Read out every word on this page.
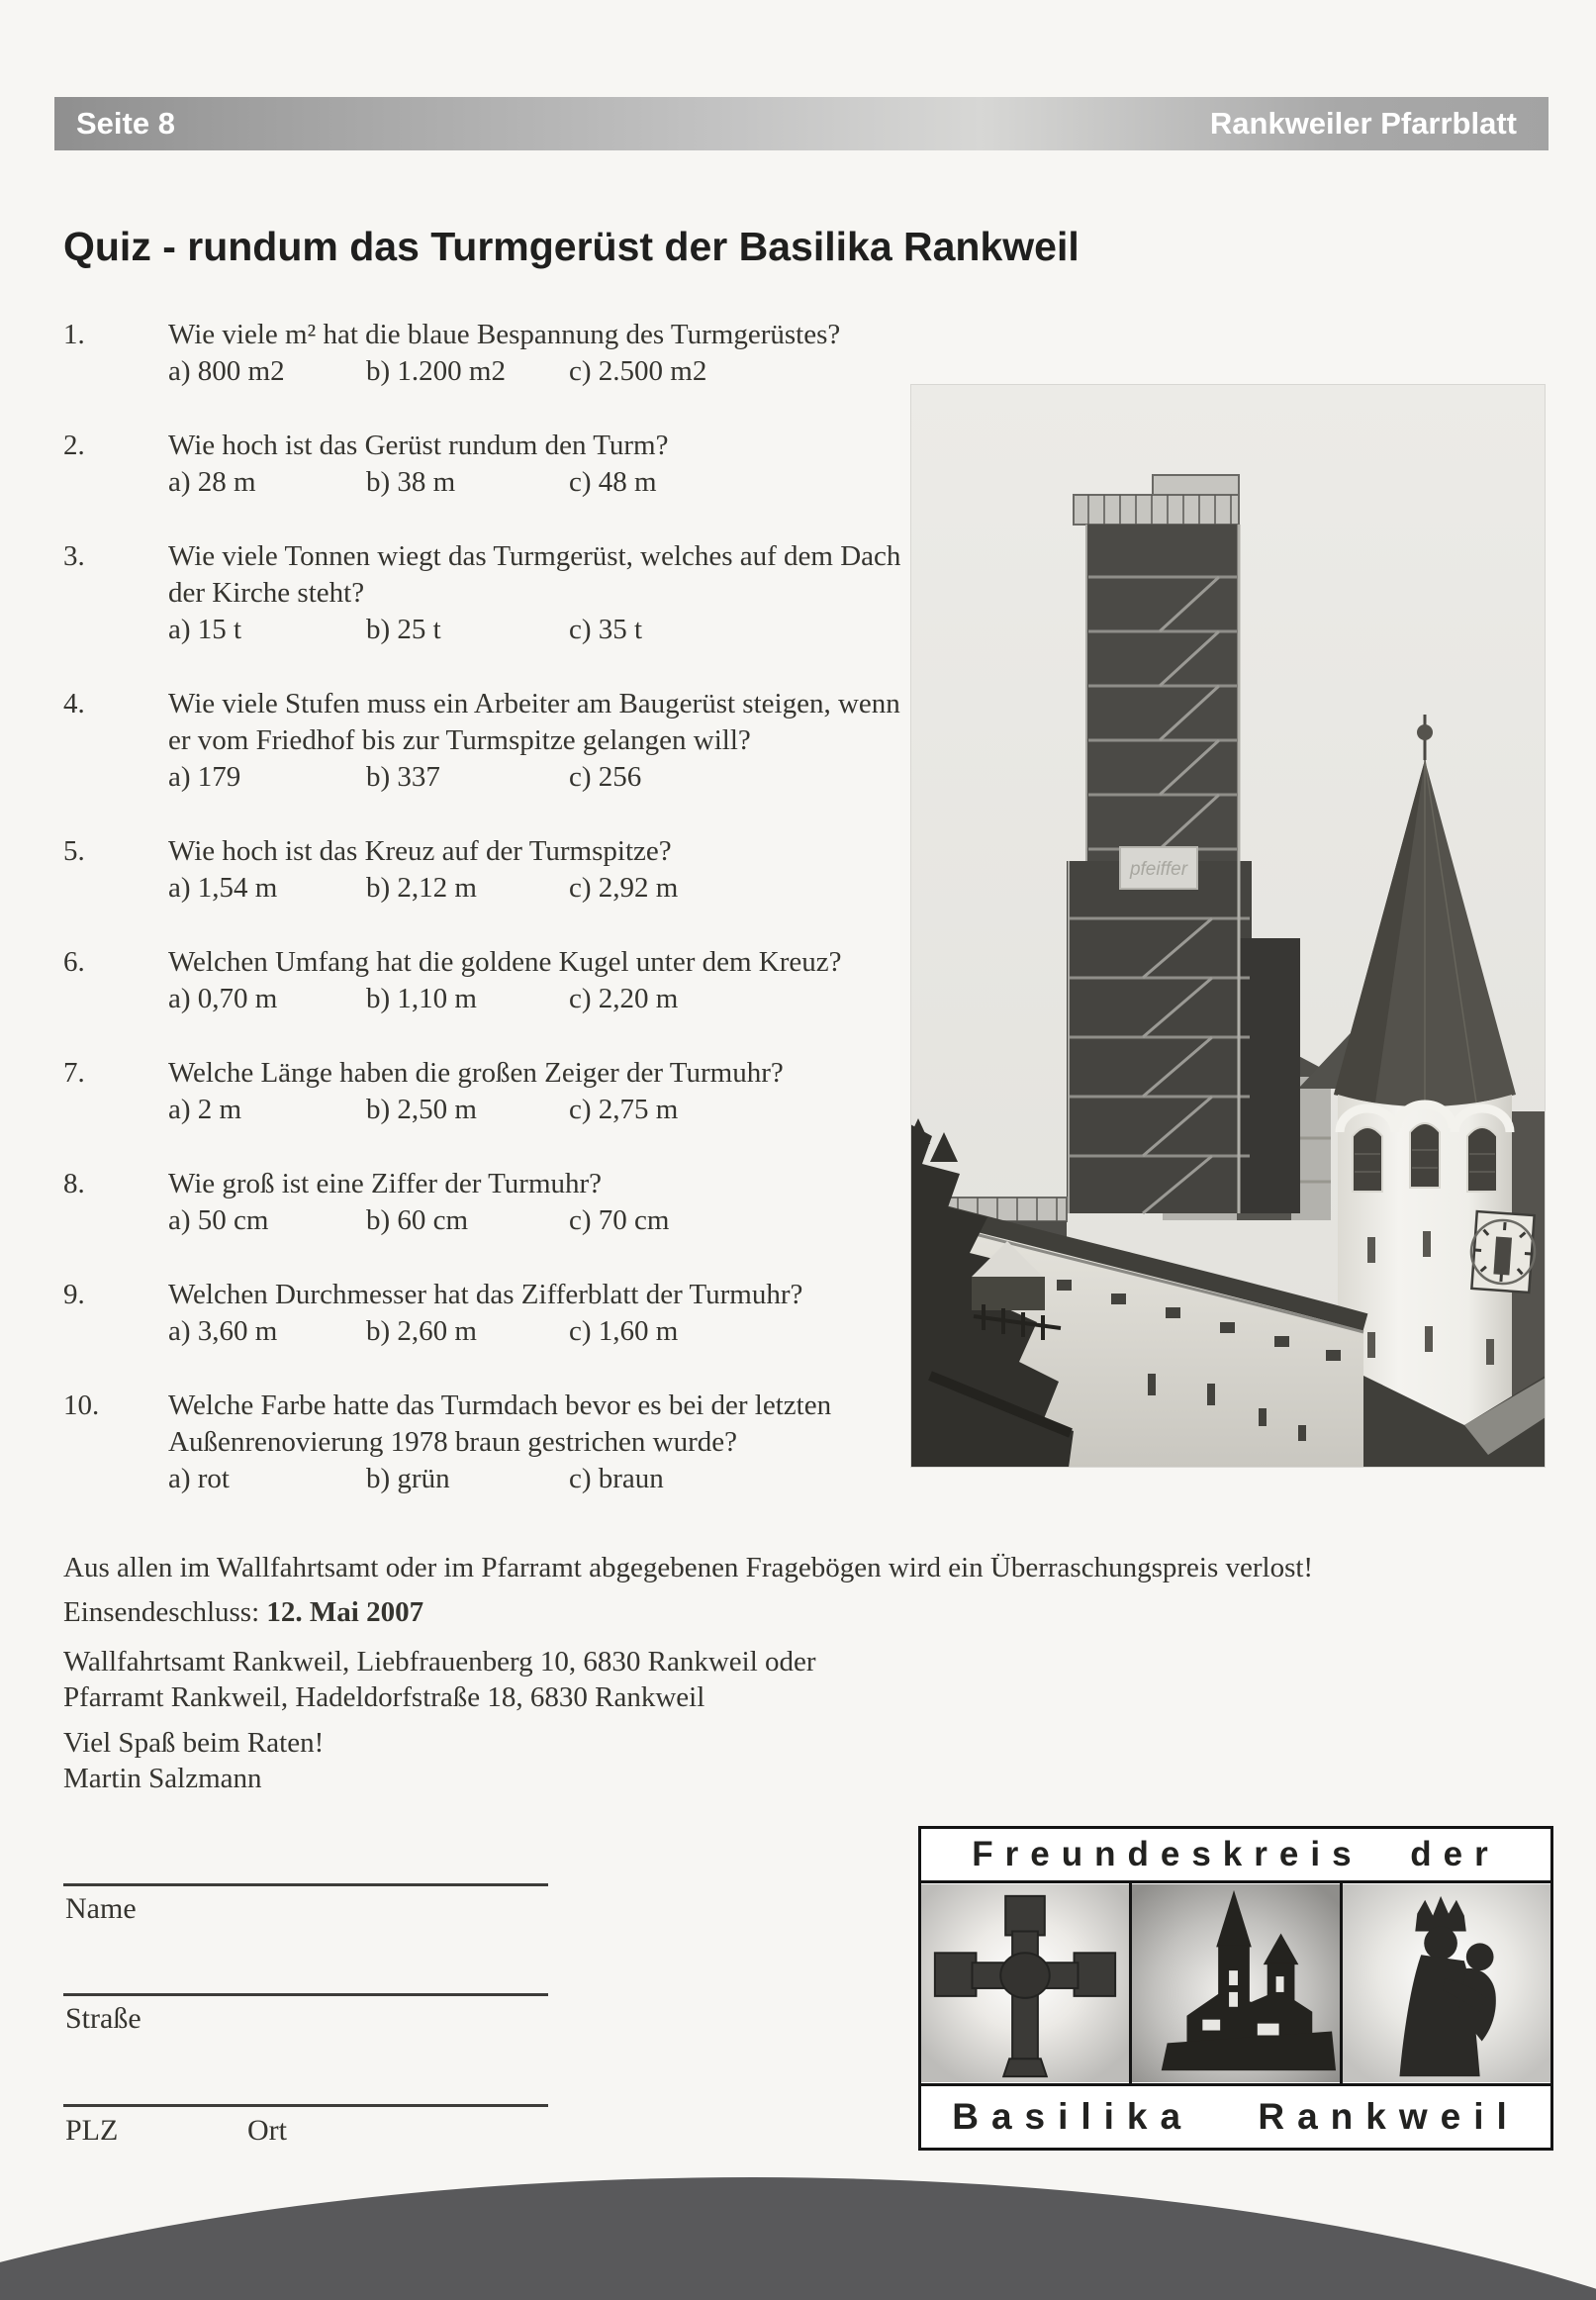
Seite 8	Rankweiler Pfarrblatt
Quiz - rundum das Turmgerüst der Basilika Rankweil
1.	Wie viele m² hat die blaue Bespannung des Turmgerüstes?
a) 800 m2	b) 1.200 m2	c) 2.500 m2
2.	Wie hoch ist das Gerüst rundum den Turm?
a) 28 m	b) 38 m	c) 48 m
3.	Wie viele Tonnen wiegt das Turmgerüst, welches auf dem Dach der Kirche steht?
a) 15 t	b) 25 t	c) 35 t
4.	Wie viele Stufen muss ein Arbeiter am Baugerüst steigen, wenn er vom Friedhof bis zur Turmspitze gelangen will?
a) 179	b) 337	c) 256
5.	Wie hoch ist das Kreuz auf der Turmspitze?
a) 1,54 m	b) 2,12 m	c) 2,92 m
6.	Welchen Umfang hat die goldene Kugel unter dem Kreuz?
a) 0,70 m	b) 1,10 m	c) 2,20 m
7.	Welche Länge haben die großen Zeiger der Turmuhr?
a) 2 m	b) 2,50 m	c) 2,75 m
8.	Wie groß ist eine Ziffer der Turmuhr?
a) 50 cm	b) 60 cm	c) 70 cm
9.	Welchen Durchmesser hat das Zifferblatt der Turmuhr?
a) 3,60 m	b) 2,60 m	c) 1,60 m
10.	Welche Farbe hatte das Turmdach bevor es bei der letzten Außenrenovierung 1978 braun gestrichen wurde?
a) rot	b) grün	c) braun
pfeiffer

Aus allen im Wallfahrtsamt oder im Pfarramt abgegebenen Fragebögen wird ein Überraschungspreis verlost!

Einsendeschluss: 12. Mai 2007

Wallfahrtsamt Rankweil, Liebfrauenberg 10, 6830 Rankweil oder
Pfarramt Rankweil, Hadeldorfstraße 18, 6830 Rankweil

Viel Spaß beim Raten!
Martin Salzmann

Name
Straße
PLZ	Ort
Freundeskreis der
Basilika Rankweil
